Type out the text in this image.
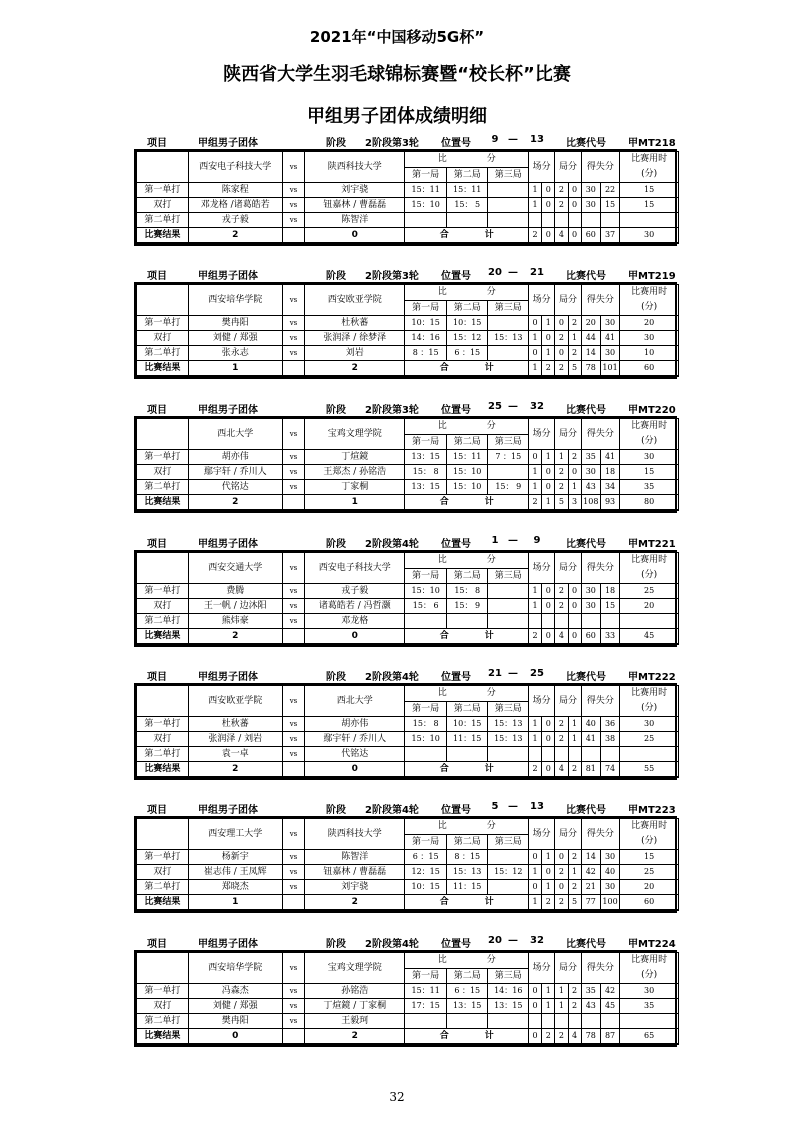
2021年“中国移动5G杯”
陕西省大学生羽毛球锦标赛暨“校长杯”比赛
甲组男子团体成绩明细
项目	甲组男子团体	阶段 2阶段第3轮 位置号	9 —	13	比赛代号 甲MT218
	西安电子科技大学	vs	陕西科技大学	比 分			场分		局分		得失分		比赛用时
(分)

				第一局	第二局	第三局							
第一单打	陈家程	vs	刘宇骁	15：11	15：11		1	0	2	0	30	22	15
双打	邓龙格 /诸葛皓若	vs	钮嘉林 / 曹磊磊	15：10	15： 5		1	0	2	0	30	15	15
第二单打	戎子毅	vs	陈智洋										
比赛结果	2		0	合 计			2	0	4	0	60	37	30
项目	甲组男子团体	阶段 2阶段第3轮 位置号	20 —	21	比赛代号 甲MT219
	西安培华学院	vs	西安欧亚学院	比 分			场分		局分		得失分		比赛用时
(分)

				第一局	第二局	第三局							
第一单打	樊冉阳	vs	杜秋蕃	10：15	10：15		0	1	0	2	20	30	20
双打	刘健 / 郑强	vs	张润泽 / 徐梦泽	14：16	15：12	15：13	1	0	2	1	44	41	30
第二单打	张永志	vs	刘岩	8 ：15	6 ：15		0	1	0	2	14	30	10
比赛结果	1		2	合 计			1	2	2	5	78	101	60
项目	甲组男子团体	阶段 2阶段第3轮 位置号	25 —	32	比赛代号 甲MT220
	西北大学	vs	宝鸡文理学院	比 分			场分		局分		得失分		比赛用时
(分)

				第一局	第二局	第三局							
第一单打	胡亦伟	vs	丁煊鏡	13：15	15：11	7 ：15	0	1	1	2	35	41	30
双打	鄢宇轩 / 乔川人	vs	王郑杰 / 孙铭浩	15： 8	15：10		1	0	2	0	30	18	15
第二单打	代铭达	vs	丁家桐	13：15	15：10	15： 9	1	0	2	1	43	34	35
比赛结果	2		1	合 计			2	1	5	3	108	93	80
项目	甲组男子团体	阶段 2阶段第4轮 位置号	1 —	9	比赛代号 甲MT221
	西安交通大学	vs	西安电子科技大学	比 分			场分		局分		得失分		比赛用时
(分)

				第一局	第二局	第三局							
第一单打	费腾	vs	戎子毅	15：10	15： 8		1	0	2	0	30	18	25
双打	王一帆 / 边沐阳	vs	诸葛皓若 / 冯哲灏	15： 6	15： 9		1	0	2	0	30	15	20
第二单打	熊炜豪	vs	邓龙格										
比赛结果	2		0	合 计			2	0	4	0	60	33	45
项目	甲组男子团体	阶段 2阶段第4轮 位置号	21 —	25	比赛代号 甲MT222
	西安欧亚学院	vs	西北大学	比 分			场分		局分		得失分		比赛用时
(分)

				第一局	第二局	第三局							
第一单打	杜秋蕃	vs	胡亦伟	15： 8	10：15	15：13	1	0	2	1	40	36	30
双打	张润泽 / 刘岩	vs	鄢宇轩 / 乔川人	15：10	11：15	15：13	1	0	2	1	41	38	25
第二单打	袁一卓	vs	代铭达										
比赛结果	2		0	合 计			2	0	4	2	81	74	55
项目	甲组男子团体	阶段 2阶段第4轮 位置号	5 —	13	比赛代号 甲MT223
	西安理工大学	vs	陕西科技大学	比 分			场分		局分		得失分		比赛用时
(分)

				第一局	第二局	第三局							
第一单打	杨新宇	vs	陈智洋	6 ：15	8 ：15		0	1	0	2	14	30	15
双打	崔志伟 / 王凤辉	vs	钮嘉林 / 曹磊磊	12：15	15：13	15：12	1	0	2	1	42	40	25
第二单打	郑晓杰	vs	刘宇骁	10：15	11：15		0	1	0	2	21	30	20
比赛结果	1		2	合 计			1	2	2	5	77	100	60
项目	甲组男子团体	阶段 2阶段第4轮 位置号	20 —	32	比赛代号 甲MT224
	西安培华学院	vs	宝鸡文理学院	比 分			场分		局分		得失分		比赛用时
(分)

				第一局	第二局	第三局							
第一单打	冯森杰	vs	孙铭浩	15：11	6 ：15	14：16	0	1	1	2	35	42	30
双打	刘健 / 郑强	vs	丁煊鏡 / 丁家桐	17：15	13：15	13：15	0	1	1	2	43	45	35
第二单打	樊冉阳	vs	王毅珂										
比赛结果	0		2	合 计			0	2	2	4	78	87	65
32
